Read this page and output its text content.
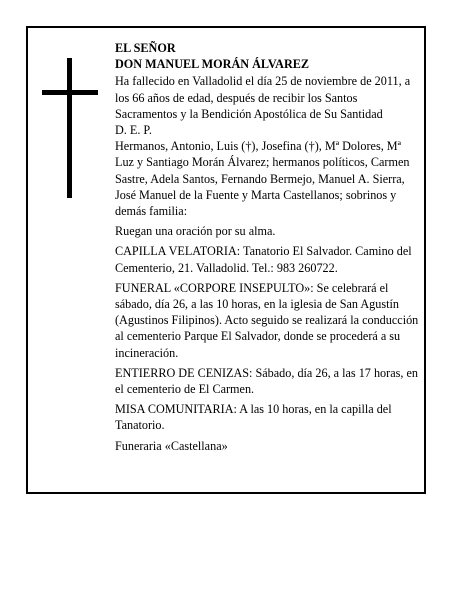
EL SEÑOR

DON MANUEL MORÁN ÁLVAREZ

Ha fallecido en Valladolid el día 25 de noviembre de 2011, a los 66 años de edad, después de recibir los Santos Sacramentos y la Bendición Apostólica de Su Santidad

D. E. P.

Hermanos, Antonio, Luis (†), Josefina (†), Mª Dolores, Mª Luz y Santiago Morán Álvarez; hermanos políticos, Carmen Sastre, Adela Santos, Fernando Bermejo, Manuel A. Sierra, José Manuel de la Fuente y Marta Castellanos; sobrinos y demás familia:

Ruegan una oración por su alma.

CAPILLA VELATORIA: Tanatorio El Salvador. Camino del Cementerio, 21. Valladolid. Tel.: 983 260722.

FUNERAL «CORPORE INSEPULTO»: Se celebrará el sábado, día 26, a las 10 horas, en la iglesia de San Agustín (Agustinos Filipinos). Acto seguido se realizará la conducción al cementerio Parque El Salvador, donde se procederá a su incineración.

ENTIERRO DE CENIZAS: Sábado, día 26, a las 17 horas, en el cementerio de El Carmen.

MISA COMUNITARIA: A las 10 horas, en la capilla del Tanatorio.

Funeraria «Castellana»
